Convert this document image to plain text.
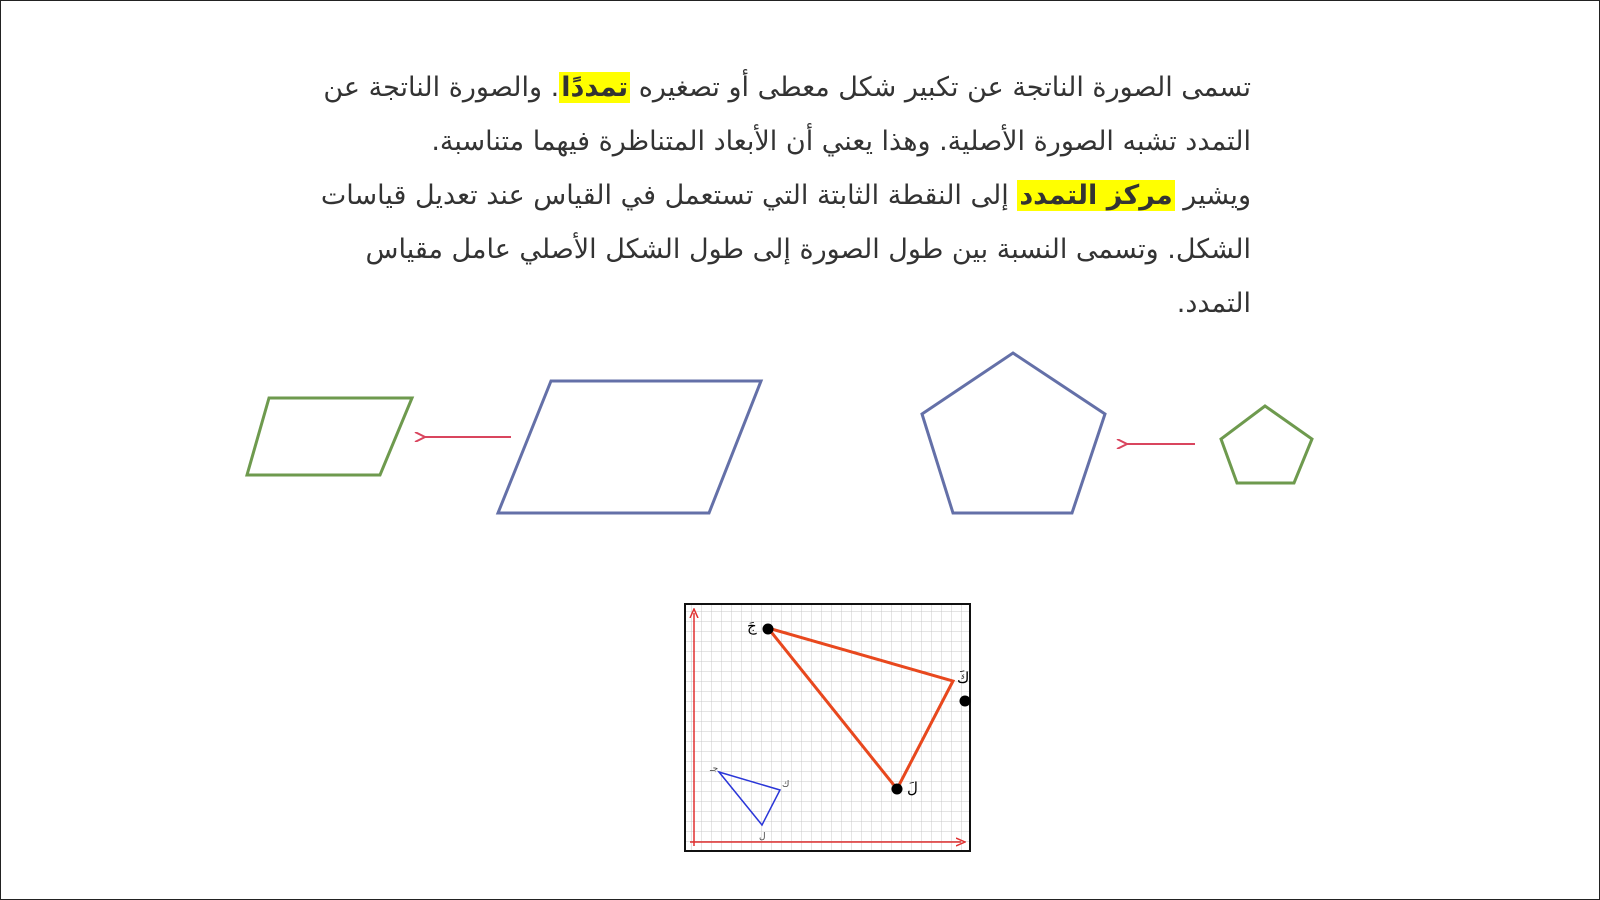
تسمى الصورة الناتجة عن تكبير شكل معطى أو تصغيره تمددًا. والصورة الناتجة عن التمدد تشبه الصورة الأصلية. وهذا يعني أن الأبعاد المتناظرة فيهما متناسبة.

ويشير مركز التمدد إلى النقطة الثابتة التي تستعمل في القياس عند تعديل قياسات الشكل. وتسمى النسبة بين طول الصورة إلى طول الشكل الأصلي عامل مقياس التمدد.

جَ
كَ
لَ
جـ
ك
ل
